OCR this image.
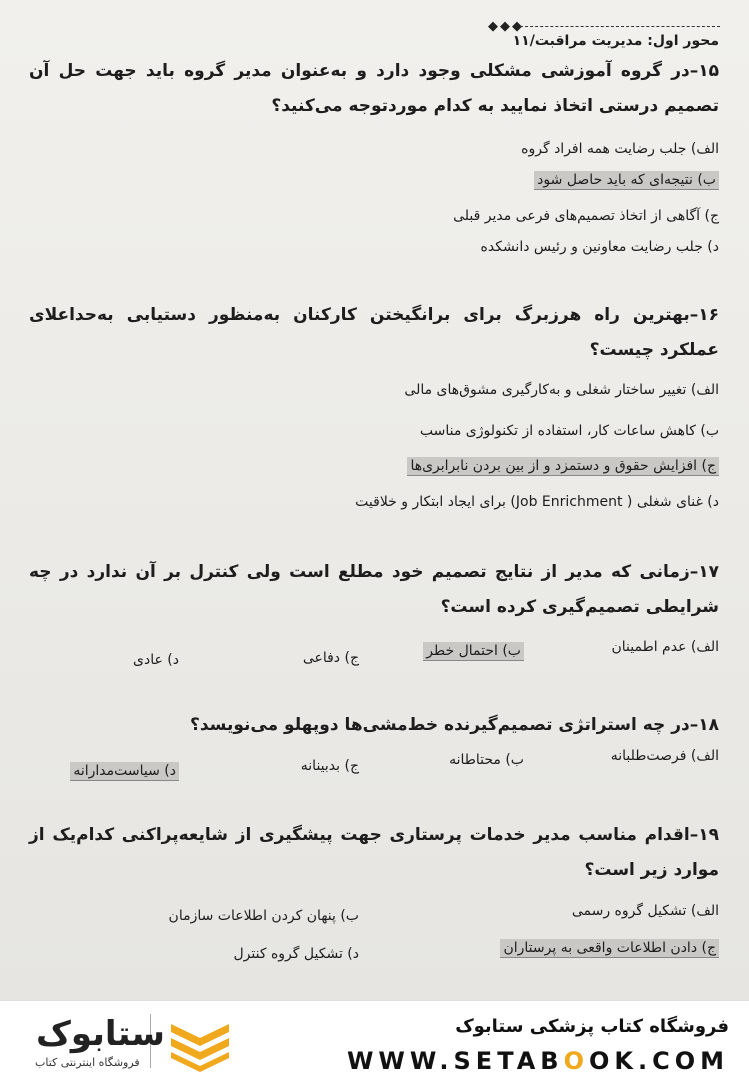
◆◆◆
محور اول: مدیریت مراقبت/۱۱
۱۵–در گروه آموزشی مشکلی وجود دارد و به‌عنوان مدیر گروه باید جهت حل آن تصمیم درستی اتخاذ نمایید به کدام موردتوجه می‌کنید؟
الف) جلب رضایت همه افراد گروه
ب) نتیجه‌ای که باید حاصل شود
ج) آگاهی از اتخاذ تصمیم‌های فرعی مدیر قبلی
د) جلب رضایت معاونین و رئیس دانشکده
۱۶–بهترین راه هرزبرگ برای برانگیختن کارکنان به‌منظور دستیابی به‌حداعلای عملکرد چیست؟
الف) تغییر ساختار شغلی و به‌کارگیری مشوق‌های مالی
ب) کاهش ساعات کار، استفاده از تکنولوژی مناسب
ج) افزایش حقوق و دستمزد و از بین بردن نابرابری‌ها
د) غنای شغلی ( Job Enrichment) برای ایجاد ابتکار و خلاقیت
۱۷–زمانی که مدیر از نتایج تصمیم خود مطلع است ولی کنترل بر آن ندارد در چه شرایطی تصمیم‌گیری کرده است؟
الف) عدم اطمینان
ب) احتمال خطر
ج) دفاعی
د) عادی
۱۸–در چه استراتژی تصمیم‌گیرنده خط‌مشی‌ها دوپهلو می‌نویسد؟
الف) فرصت‌طلبانه
ب) محتاطانه
ج) بدبینانه
د) سیاست‌مدارانه
۱۹–اقدام مناسب مدیر خدمات پرستاری جهت پیشگیری از شایعه‌پراکنی کدام‌یک از موارد زیر است؟
الف) تشکیل گروه رسمی
ب) پنهان کردن اطلاعات سازمان
ج) دادن اطلاعات واقعی به پرستاران
د) تشکیل گروه کنترل
فروشگاه کتاب پزشکی ستابوک
WWW.SETABOOK.COM
ستابوک
فروشگاه اینترنتی کتاب
